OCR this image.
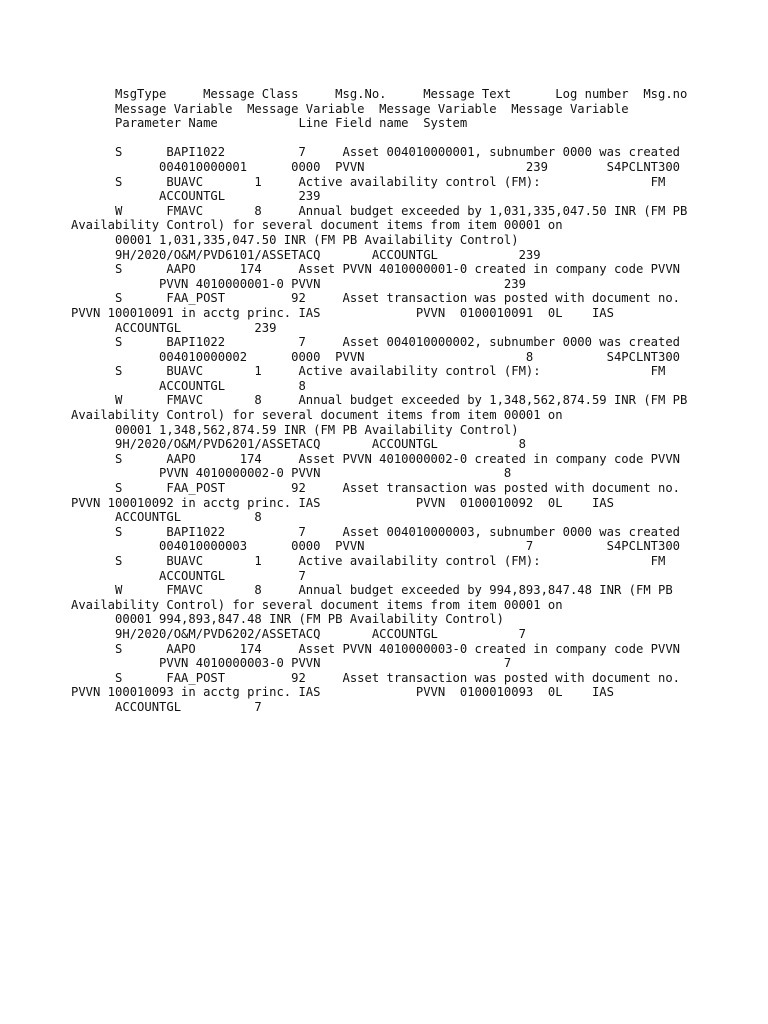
MsgType     Message Class     Msg.No.     Message Text      Log number  Msg.no
Message Variable  Message Variable  Message Variable  Message Variable
Parameter Name           Line Field name  System
S      BAPI1022          7     Asset 004010000001, subnumber 0000 was created
004010000001      0000  PVVN                      239        S4PCLNT300
S      BUAVC       1     Active availability control (FM):               FM
ACCOUNTGL          239
W      FMAVC       8     Annual budget exceeded by 1,031,335,047.50 INR (FM PB
Availability Control) for several document items from item 00001 on
00001 1,031,335,047.50 INR (FM PB Availability Control)
9H/2020/O&M/PVD6101/ASSETACQ       ACCOUNTGL           239
S      AAPO      174     Asset PVVN 4010000001-0 created in company code PVVN
PVVN 4010000001-0 PVVN                         239
S      FAA_POST         92     Asset transaction was posted with document no.
PVVN 100010091 in acctg princ. IAS             PVVN  0100010091  0L    IAS
ACCOUNTGL          239
S      BAPI1022          7     Asset 004010000002, subnumber 0000 was created
004010000002      0000  PVVN                      8          S4PCLNT300
S      BUAVC       1     Active availability control (FM):               FM
ACCOUNTGL          8
W      FMAVC       8     Annual budget exceeded by 1,348,562,874.59 INR (FM PB
Availability Control) for several document items from item 00001 on
00001 1,348,562,874.59 INR (FM PB Availability Control)
9H/2020/O&M/PVD6201/ASSETACQ       ACCOUNTGL           8
S      AAPO      174     Asset PVVN 4010000002-0 created in company code PVVN
PVVN 4010000002-0 PVVN                         8
S      FAA_POST         92     Asset transaction was posted with document no.
PVVN 100010092 in acctg princ. IAS             PVVN  0100010092  0L    IAS
ACCOUNTGL          8
S      BAPI1022          7     Asset 004010000003, subnumber 0000 was created
004010000003      0000  PVVN                      7          S4PCLNT300
S      BUAVC       1     Active availability control (FM):               FM
ACCOUNTGL          7
W      FMAVC       8     Annual budget exceeded by 994,893,847.48 INR (FM PB
Availability Control) for several document items from item 00001 on
00001 994,893,847.48 INR (FM PB Availability Control)
9H/2020/O&M/PVD6202/ASSETACQ       ACCOUNTGL           7
S      AAPO      174     Asset PVVN 4010000003-0 created in company code PVVN
PVVN 4010000003-0 PVVN                         7
S      FAA_POST         92     Asset transaction was posted with document no.
PVVN 100010093 in acctg princ. IAS             PVVN  0100010093  0L    IAS
ACCOUNTGL          7
